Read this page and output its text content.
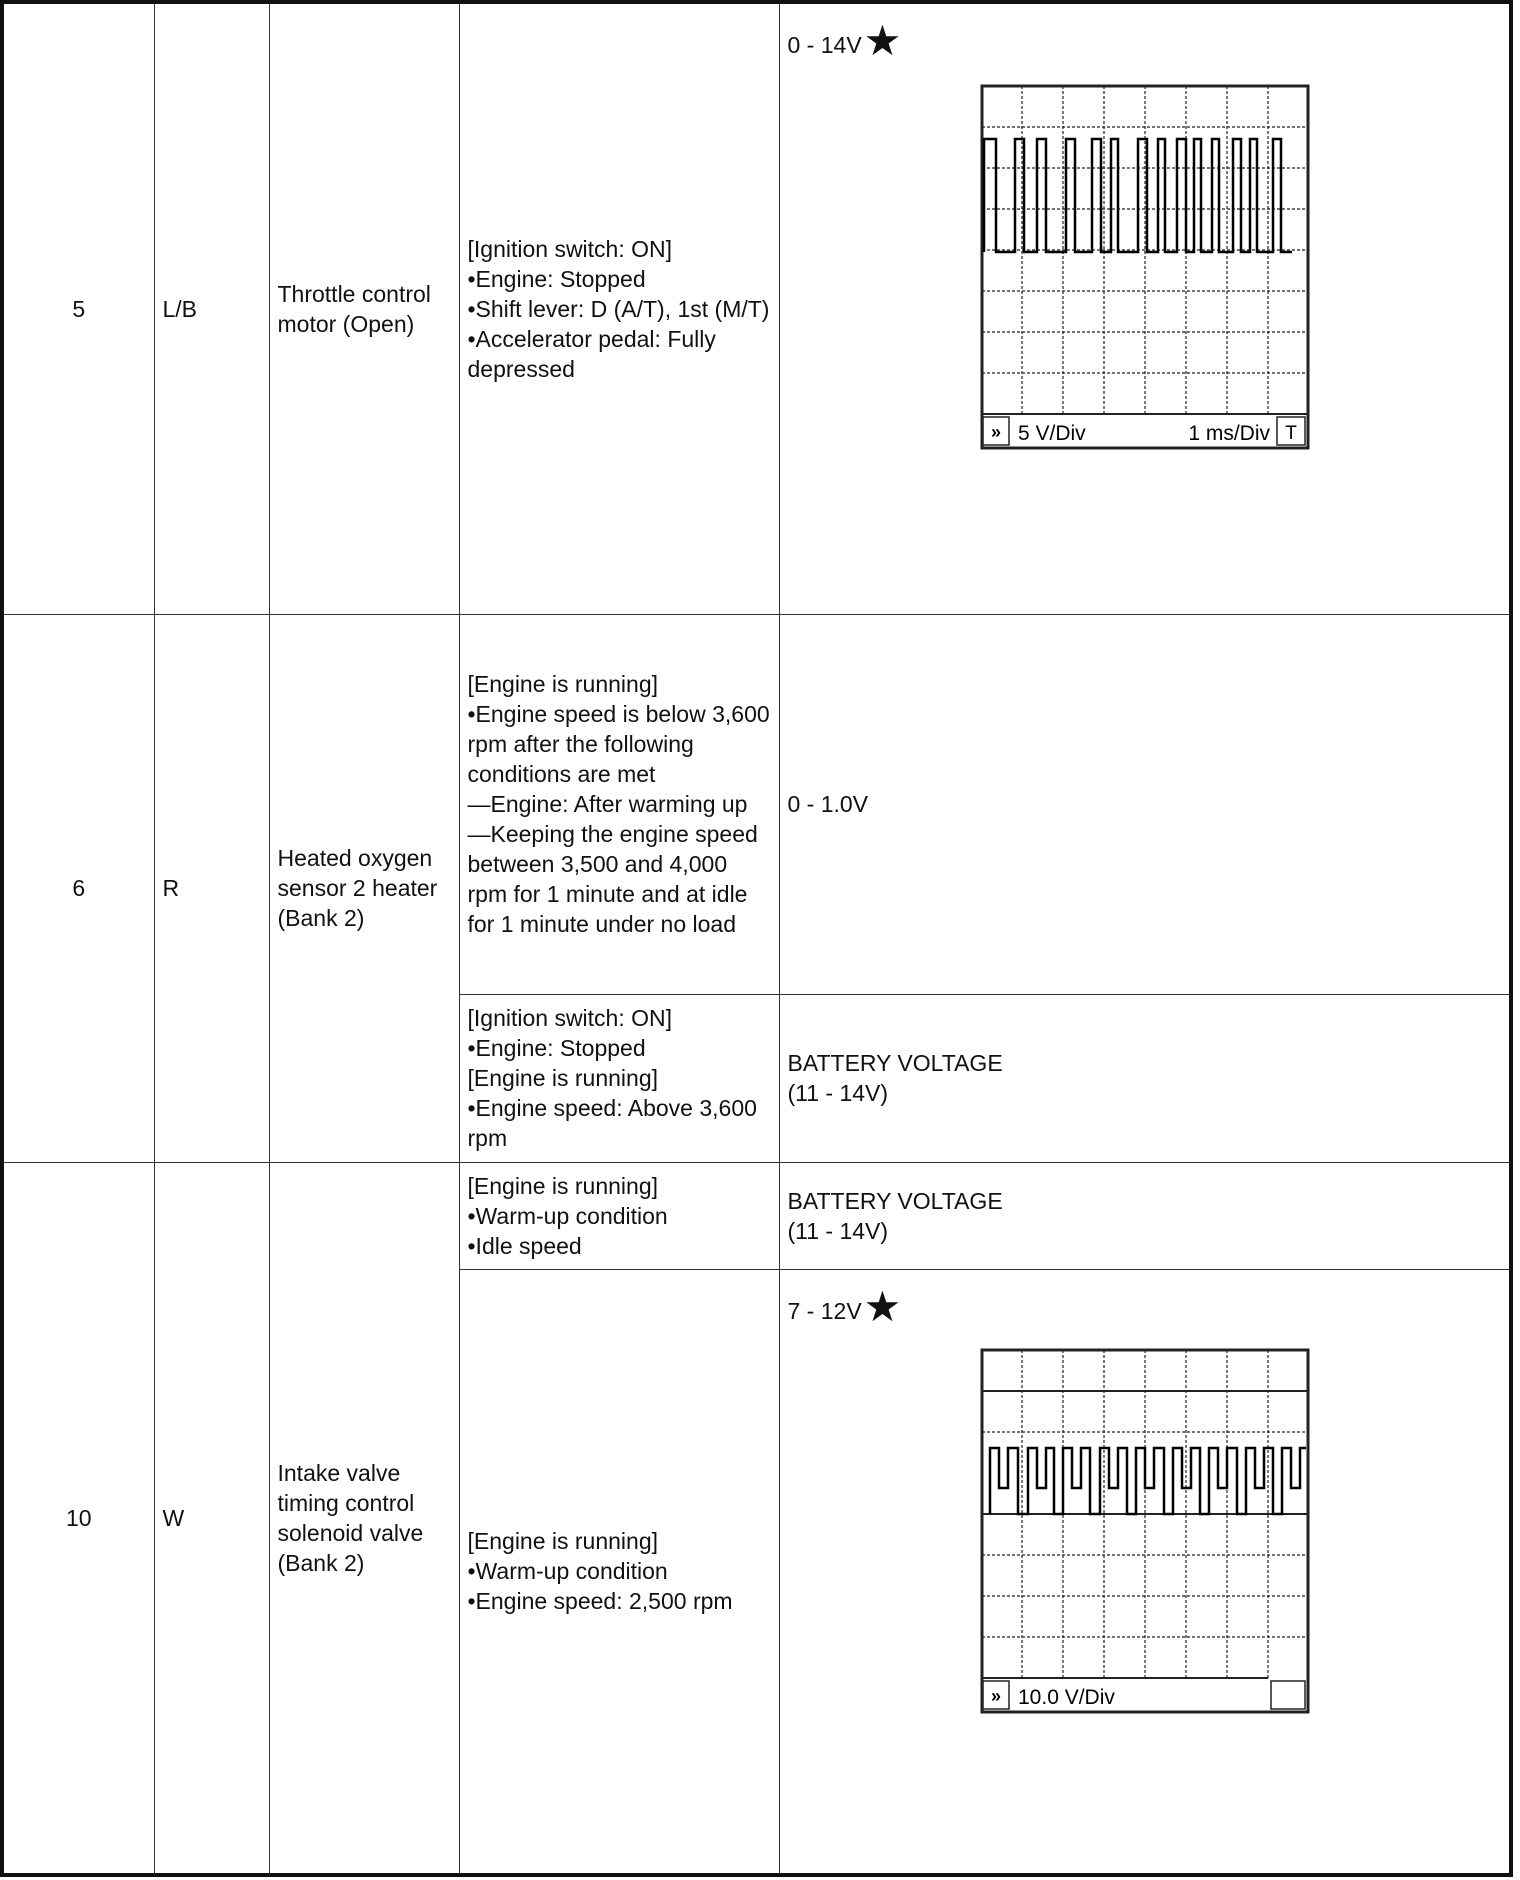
5	L/B	Throttle control motor (Open)	[Ignition switch: ON]
•Engine: Stopped
•Shift lever: D (A/T), 1st (M/T)
•Accelerator pedal: Fully depressed	0 - 14V★
» 5 V/Div 1 ms/Div T

6	R	Heated oxygen sensor 2 heater (Bank 2)	[Engine is running]
•Engine speed is below 3,600 rpm after the following conditions are met
—Engine: After warming up
—Keeping the engine speed between 3,500 and 4,000 rpm for 1 minute and at idle for 1 minute under no load	0 - 1.0V

			[Ignition switch: ON]
•Engine: Stopped
[Engine is running]
•Engine speed: Above 3,600 rpm	BATTERY VOLTAGE
(11 - 14V)

10	W	Intake valve timing control solenoid valve (Bank 2)	[Engine is running]
•Warm-up condition
•Idle speed	BATTERY VOLTAGE
(11 - 14V)

			[Engine is running]
•Warm-up condition
•Engine speed: 2,500 rpm	7 - 12V★
» 10.0 V/Div
